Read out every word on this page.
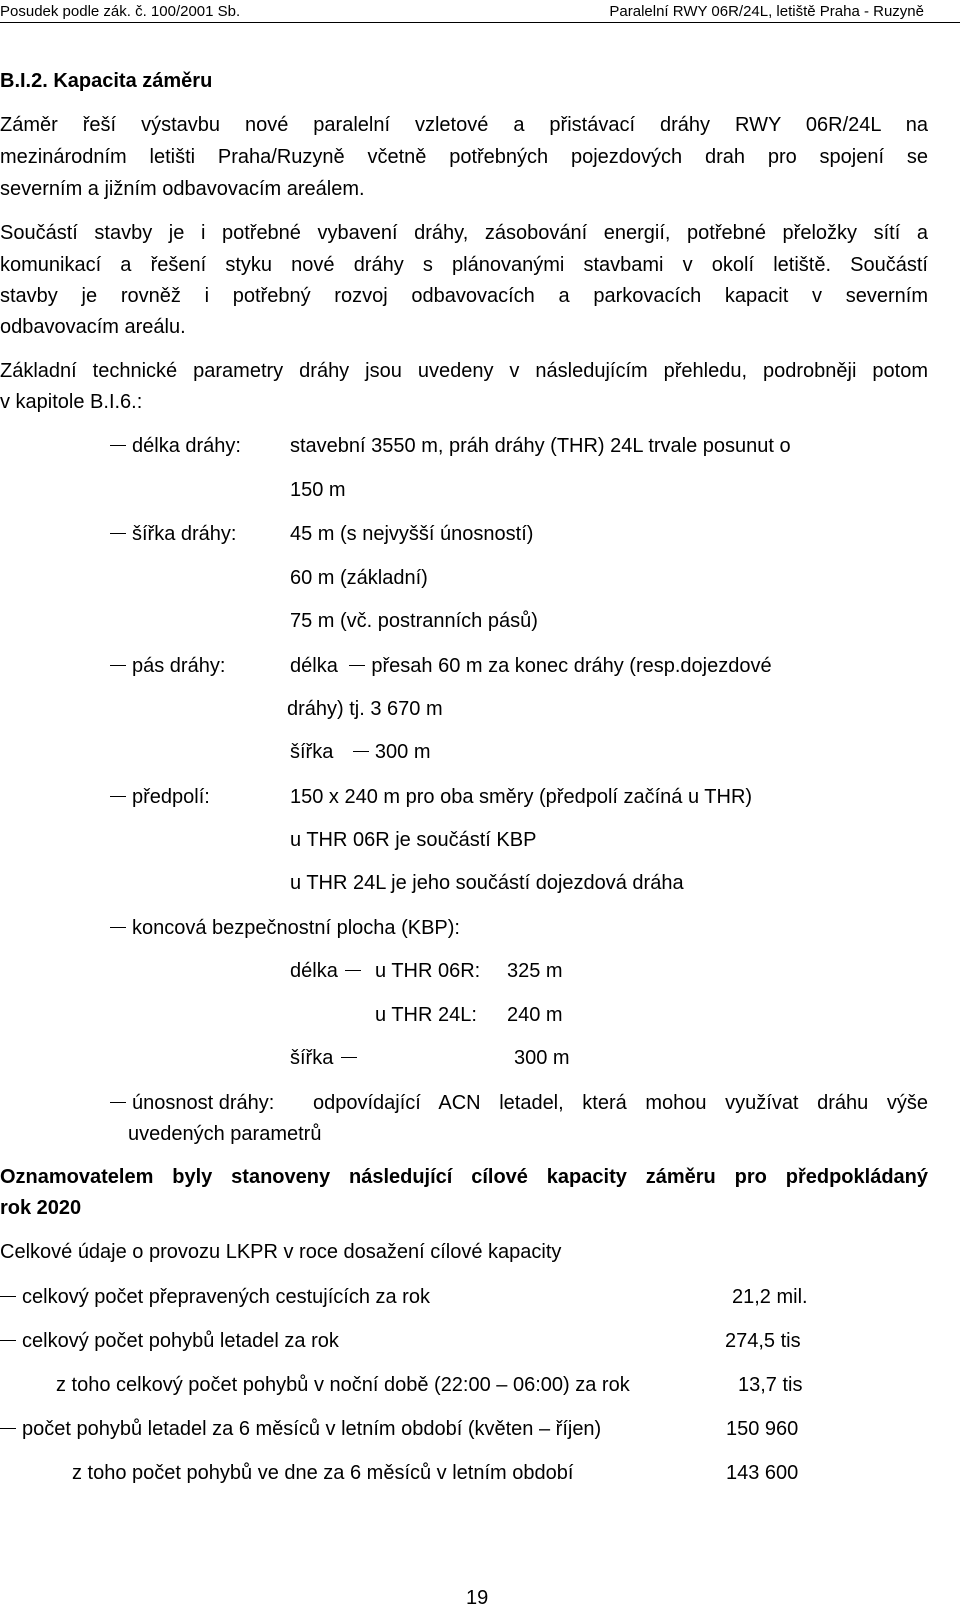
Posudek podle zák. č. 100/2001 Sb.	Paralelní RWY 06R/24L, letiště Praha - Ruzyně
B.I.2. Kapacita záměru
Záměr řeší výstavbu nové paralelní vzletové a přistávací dráhy RWY 06R/24L na
mezinárodním letišti Praha/Ruzyně včetně potřebných pojezdových drah pro spojení se
severním a jižním odbavovacím areálem.
Součástí stavby je i potřebné vybavení dráhy, zásobování energií, potřebné přeložky sítí a
komunikací a řešení styku nové dráhy s plánovanými stavbami v okolí letiště. Součástí
stavby je rovněž i potřebný rozvoj odbavovacích a parkovacích kapacit v severním
odbavovacím areálu.
Základní technické parametry dráhy jsou uvedeny v následujícím přehledu, podrobněji potom
v kapitole B.I.6.:
délka dráhy: stavební 3550 m, práh dráhy (THR) 24L trvale posunut o
150 m
šířka dráhy:	45 m (s nejvyšší únosností)
60 m (základní)
75 m (vč. postranních pásů)
pás dráhy:	délka přesah 60 m za konec dráhy (resp.dojezdové
dráhy) tj. 3 670 m
šířka 300 m
předpolí:	150 x 240 m pro oba směry (předpolí začíná u THR)
u THR 06R je součástí KBP
u THR 24L je jeho součástí dojezdová dráha
koncová bezpečnostní plocha (KBP):
délka	u THR 06R: 325 m
u THR 24L: 240 m
šířka	300 m
únosnost dráhy: odpovídající ACN letadel, která mohou využívat dráhu výše
uvedených parametrů
Oznamovatelem byly stanoveny následující cílové kapacity záměru pro předpokládaný
rok 2020
Celkové údaje o provozu LKPR v roce dosažení cílové kapacity
celkový počet přepravených cestujících za rok	21,2 mil.
celkový počet pohybů letadel za rok	274,5 tis
z toho celkový počet pohybů v noční době (22:00 – 06:00) za rok	13,7 tis
počet pohybů letadel za 6 měsíců v letním období (květen – říjen)	150 960
z toho počet pohybů ve dne za 6 měsíců v letním období	143 600
19
